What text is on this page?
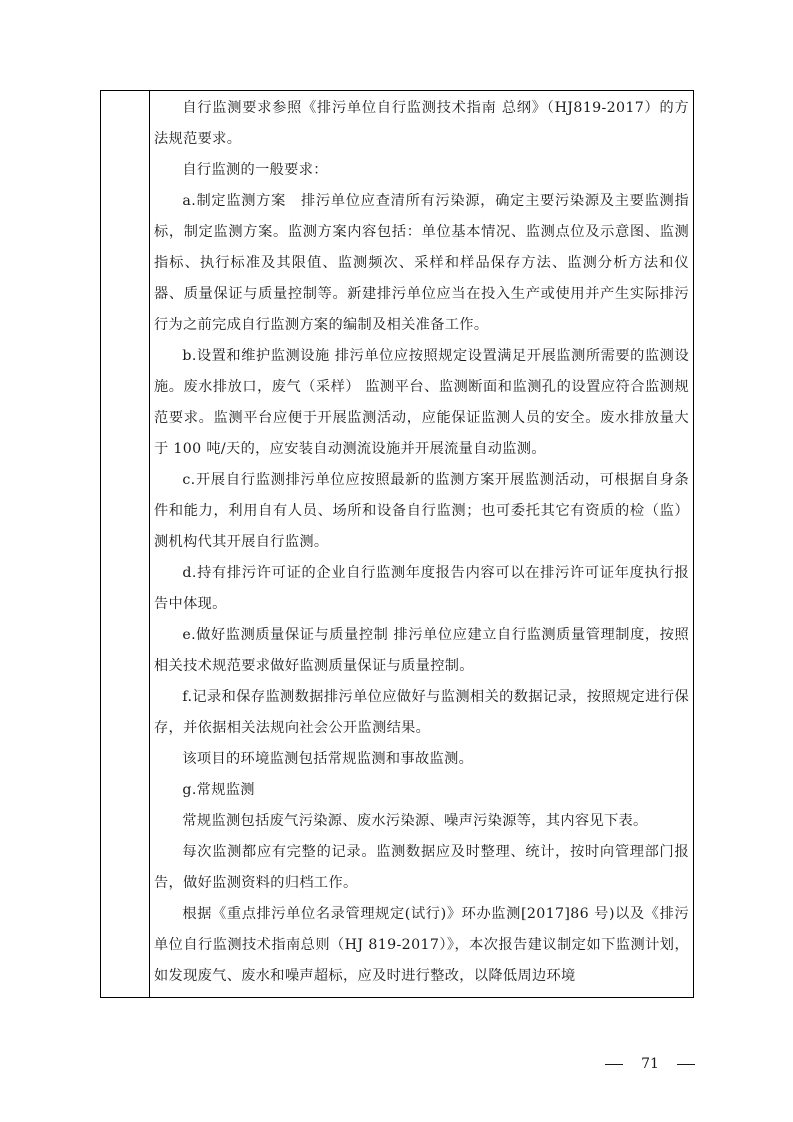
自行监测要求参照《排污单位自行监测技术指南 总纲》（HJ819-2017）的方法规范要求。

自行监测的一般要求：

a.制定监测方案　排污单位应查清所有污染源，确定主要污染源及主要监测指标，制定监测方案。监测方案内容包括：单位基本情况、监测点位及示意图、监测指标、执行标准及其限值、监测频次、采样和样品保存方法、监测分析方法和仪器、质量保证与质量控制等。新建排污单位应当在投入生产或使用并产生实际排污行为之前完成自行监测方案的编制及相关准备工作。

b.设置和维护监测设施 排污单位应按照规定设置满足开展监测所需要的监测设施。废水排放口，废气（采样） 监测平台、监测断面和监测孔的设置应符合监测规范要求。监测平台应便于开展监测活动，应能保证监测人员的安全。废水排放量大于 100 吨/天的，应安装自动测流设施并开展流量自动监测。

c.开展自行监测排污单位应按照最新的监测方案开展监测活动，可根据自身条件和能力，利用自有人员、场所和设备自行监测；也可委托其它有资质的检（监）测机构代其开展自行监测。

d.持有排污许可证的企业自行监测年度报告内容可以在排污许可证年度执行报告中体现。

e.做好监测质量保证与质量控制 排污单位应建立自行监测质量管理制度，按照相关技术规范要求做好监测质量保证与质量控制。

f.记录和保存监测数据排污单位应做好与监测相关的数据记录，按照规定进行保存，并依据相关法规向社会公开监测结果。

该项目的环境监测包括常规监测和事故监测。

g.常规监测

常规监测包括废气污染源、废水污染源、噪声污染源等，其内容见下表。

每次监测都应有完整的记录。监测数据应及时整理、统计，按时向管理部门报告，做好监测资料的归档工作。

根据《重点排污单位名录管理规定(试行)》环办监测[2017]86 号)以及《排污单位自行监测技术指南总则（HJ 819-2017）》，本次报告建议制定如下监测计划，如发现废气、废水和噪声超标，应及时进行整改，以降低周边环境

71
